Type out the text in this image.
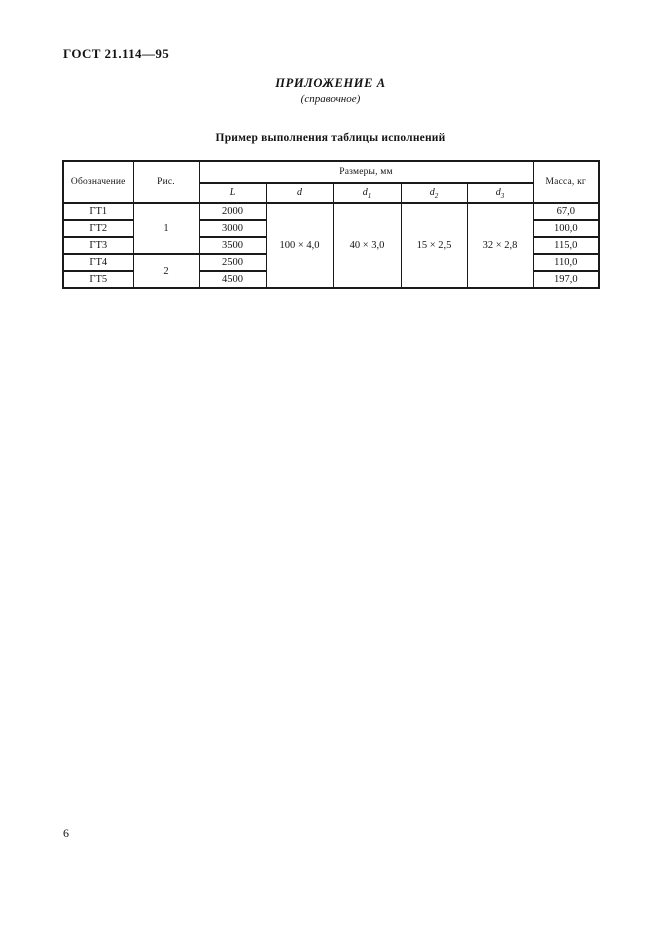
ГОСТ 21.114—95
ПРИЛОЖЕНИЕ А
(справочное)
Пример выполнения таблицы исполнений
Обозначение	Рис.	Размеры, мм					Масса, кг
		L	d	$d_1$	$d_2$	$d_3$
ГТ1	1	2000	100 × 4,0	40 × 3,0	15 × 2,5	32 × 2,8	67,0
ГТ2		3000					100,0
ГТ3		3500					115,0
ГТ4	2	2500					110,0
ГТ5		4500					197,0
6
